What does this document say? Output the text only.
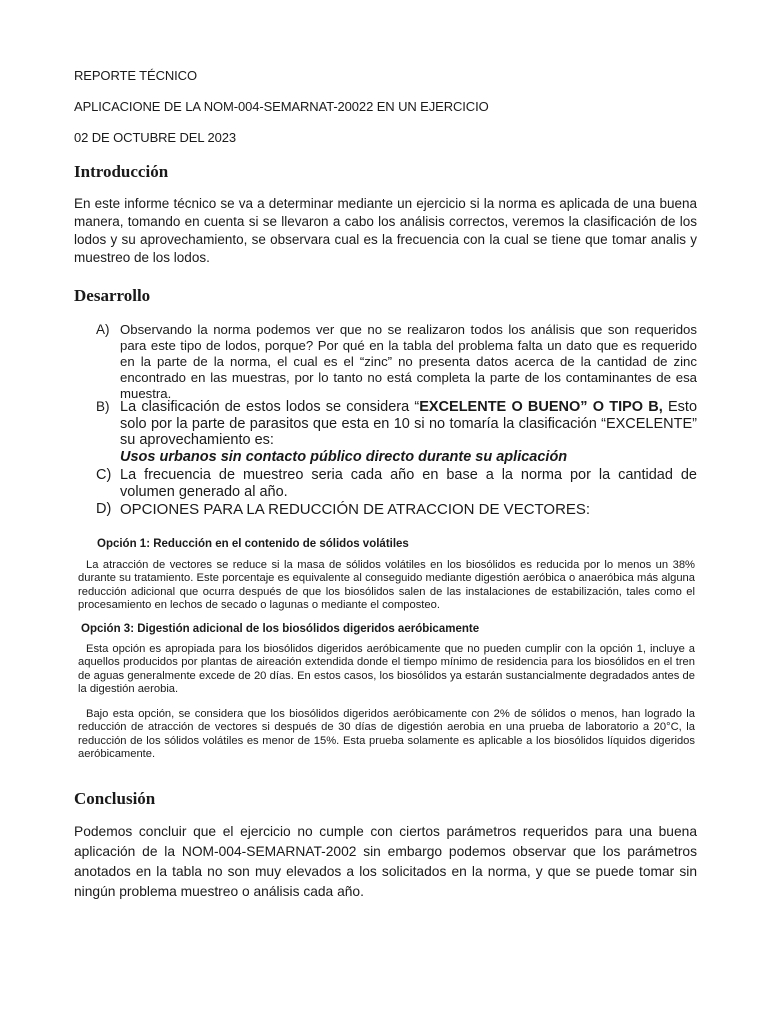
REPORTE TÉCNICO
APLICACIONE DE LA NOM-004-SEMARNAT-20022 EN UN EJERCICIO
02 DE OCTUBRE DEL 2023
Introducción

En este informe técnico se va a determinar mediante un ejercicio si la norma es aplicada de una buena manera, tomando en cuenta si se llevaron a cabo los análisis correctos, veremos la clasificación de los lodos y su aprovechamiento, se observara cual es la frecuencia con la cual se tiene que tomar analis y muestreo de los lodos.

Desarrollo
A) Observando la norma podemos ver que no se realizaron todos los análisis que son requeridos para este tipo de lodos, porque? Por qué en la tabla del problema falta un dato que es requerido en la parte de la norma, el cual es el “zinc” no presenta datos acerca de la cantidad de zinc encontrado en las muestras, por lo tanto no está completa la parte de los contaminantes de esa muestra.
B) La clasificación de estos lodos se considera “EXCELENTE O BUENO” O TIPO B, Esto solo por la parte de parasitos que esta en 10 si no tomaría la clasificación “EXCELENTE” su aprovechamiento es:
Usos urbanos sin contacto público directo durante su aplicación
C) La frecuencia de muestreo seria cada año en base a la norma por la cantidad de volumen generado al año.
D) OPCIONES PARA LA REDUCCIÓN DE ATRACCION DE VECTORES:
Opción 1: Reducción en el contenido de sólidos volátiles

La atracción de vectores se reduce si la masa de sólidos volátiles en los biosólidos es reducida por lo menos un 38% durante su tratamiento. Este porcentaje es equivalente al conseguido mediante digestión aeróbica o anaeróbica más alguna reducción adicional que ocurra después de que los biosólidos salen de las instalaciones de estabilización, tales como el procesamiento en lechos de secado o lagunas o mediante el composteo.

Opción 3: Digestión adicional de los biosólidos digeridos aeróbicamente

Esta opción es apropiada para los biosólidos digeridos aeróbicamente que no pueden cumplir con la opción 1, incluye a aquellos producidos por plantas de aireación extendida donde el tiempo mínimo de residencia para los biosólidos en el tren de aguas generalmente excede de 20 días. En estos casos, los biosólidos ya estarán sustancialmente degradados antes de la digestión aerobia.

Bajo esta opción, se considera que los biosólidos digeridos aeróbicamente con 2% de sólidos o menos, han logrado la reducción de atracción de vectores si después de 30 días de digestión aerobia en una prueba de laboratorio a 20°C, la reducción de los sólidos volátiles es menor de 15%. Esta prueba solamente es aplicable a los biosólidos líquidos digeridos aeróbicamente.

Conclusión

Podemos concluir que el ejercicio no cumple con ciertos parámetros requeridos para una buena aplicación de la NOM-004-SEMARNAT-2002 sin embargo podemos observar que los parámetros anotados en la tabla no son muy elevados a los solicitados en la norma, y que se puede tomar sin ningún problema muestreo o análisis cada año.
